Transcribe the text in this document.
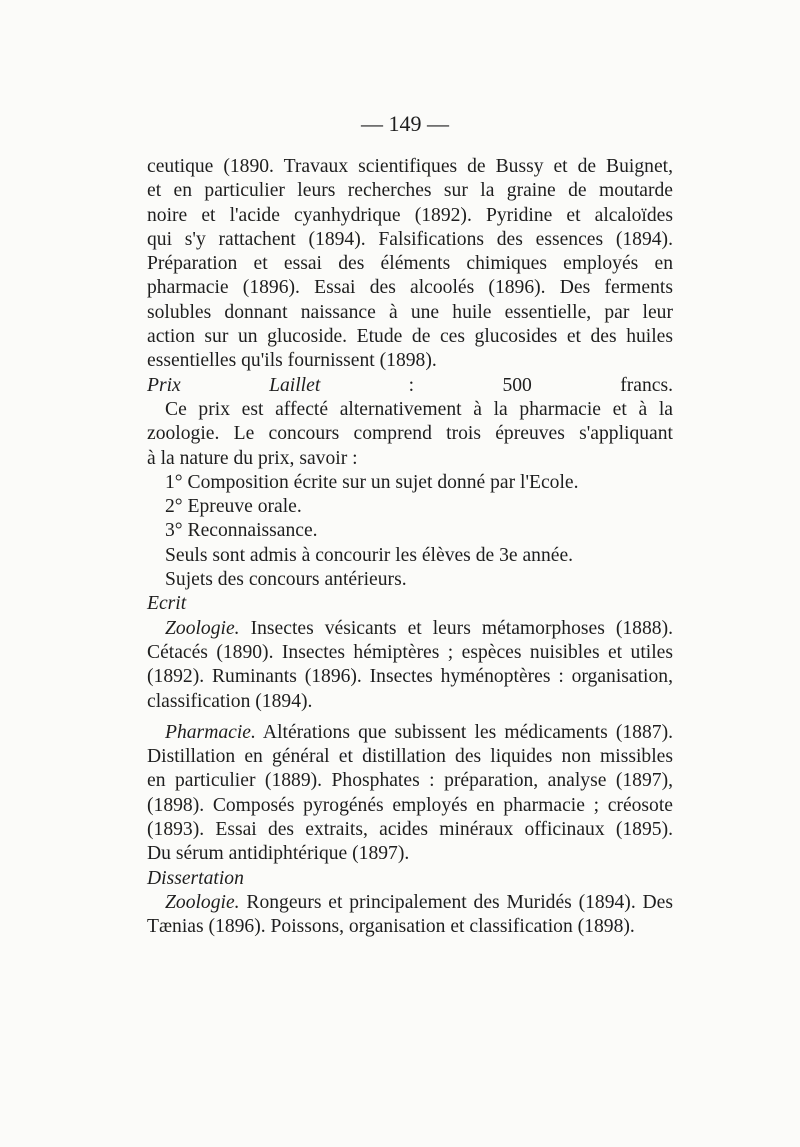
— 149 —

ceutique (1890. Travaux scientifiques de Bussy et de Buignet,

et en particulier leurs recherches sur la graine de moutarde

noire et l'acide cyanhydrique (1892). Pyridine et alcaloïdes

qui s'y rattachent (1894). Falsifications des essences (1894).

Préparation et essai des éléments chimiques employés en

pharmacie (1896). Essai des alcoolés (1896). Des ferments

solubles donnant naissance à une huile essentielle, par leur

action sur un glucoside. Etude de ces glucosides et des huiles

essentielles qu'ils fournissent (1898).

Prix Laillet : 500 francs.

Ce prix est affecté alternativement à la pharmacie et à la

zoologie. Le concours comprend trois épreuves s'appliquant

à la nature du prix, savoir :

1° Composition écrite sur un sujet donné par l'Ecole.
2° Epreuve orale.
3° Reconnaissance.
Seuls sont admis à concourir les élèves de 3e année.
Sujets des concours antérieurs.

Ecrit

Zoologie. Insectes vésicants et leurs métamorphoses (1888).

Cétacés (1890). Insectes hémiptères ; espèces nuisibles et utiles

(1892). Ruminants (1896). Insectes hyménoptères : organisation,

classification (1894).

Pharmacie. Altérations que subissent les médicaments (1887).

Distillation en général et distillation des liquides non missibles

en particulier (1889). Phosphates : préparation, analyse (1897),

(1898). Composés pyrogénés employés en pharmacie ; créosote

(1893). Essai des extraits, acides minéraux officinaux (1895).

Du sérum antidiphtérique (1897).

Dissertation

Zoologie. Rongeurs et principalement des Muridés (1894). Des

Tænias (1896). Poissons, organisation et classification (1898).
